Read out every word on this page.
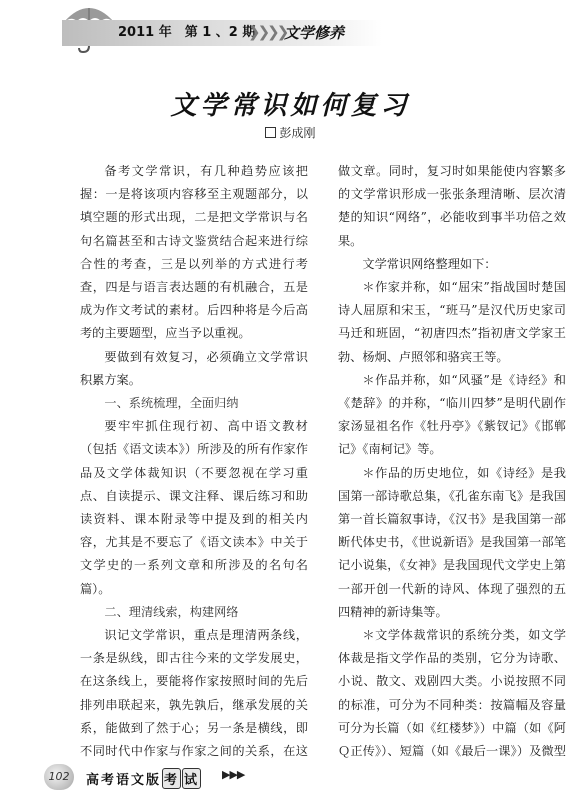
2011 年　第 1 、2 期
❯❯❯❯
文学修养
文学常识如何复习
彭成刚

备考文学常识，有几种趋势应该把握：一是将该项内容移至主观题部分，以填空题的形式出现，二是把文学常识与名句名篇甚至和古诗文鉴赏结合起来进行综合性的考查，三是以列举的方式进行考查，四是与语言表达题的有机融合，五是成为作文考试的素材。后四种将是今后高考的主要题型，应当予以重视。

要做到有效复习，必须确立文学常识积累方案。

一、系统梳理，全面归纳

要牢牢抓住现行初、高中语文教材（包括《语文读本》）所涉及的所有作家作品及文学体裁知识（不要忽视在学习重点、自读提示、课文注释、课后练习和助读资料、课本附录等中提及到的相关内容，尤其是不要忘了《语文读本》中关于文学史的一系列文章和所涉及的名句名篇）。

二、理清线索，构建网络

识记文学常识，重点是理清两条线，一条是纵线，即古往今来的文学发展史，在这条线上，要能将作家按照时间的先后排列串联起来，孰先孰后，继承发展的关系，能做到了然于心；另一条是横线，即不同时代中作家与作家之间的关系，在这

做文章。同时，复习时如果能使内容繁多的文学常识形成一张张条理清晰、层次清楚的知识“网络”，必能收到事半功倍之效果。

文学常识网络整理如下：

＊作家并称，如“屈宋”指战国时楚国诗人屈原和宋玉，“班马”是汉代历史家司马迁和班固，“初唐四杰”指初唐文学家王勃、杨炯、卢照邻和骆宾王等。

＊作品并称，如“风骚”是《诗经》和《楚辞》的并称，“临川四梦”是明代剧作家汤显祖名作《牡丹亭》《紫钗记》《邯郸记》《南柯记》等。

＊作品的历史地位，如《诗经》是我国第一部诗歌总集，《孔雀东南飞》是我国第一首长篇叙事诗，《汉书》是我国第一部断代体史书，《世说新语》是我国第一部笔记小说集，《女神》是我国现代文学史上第一部开创一代新的诗风、体现了强烈的五四精神的新诗集等。

＊文学体裁常识的系统分类，如文学体裁是指文学作品的类别，它分为诗歌、小说、散文、戏剧四大类。小说按照不同的标准，可分为不同种类：按篇幅及容量可分为长篇（如《红楼梦》）中篇（如《阿Ｑ正传》）、短篇（如《最后一课》）及微型

102	高考语文版 考 试 ▶▶▶
